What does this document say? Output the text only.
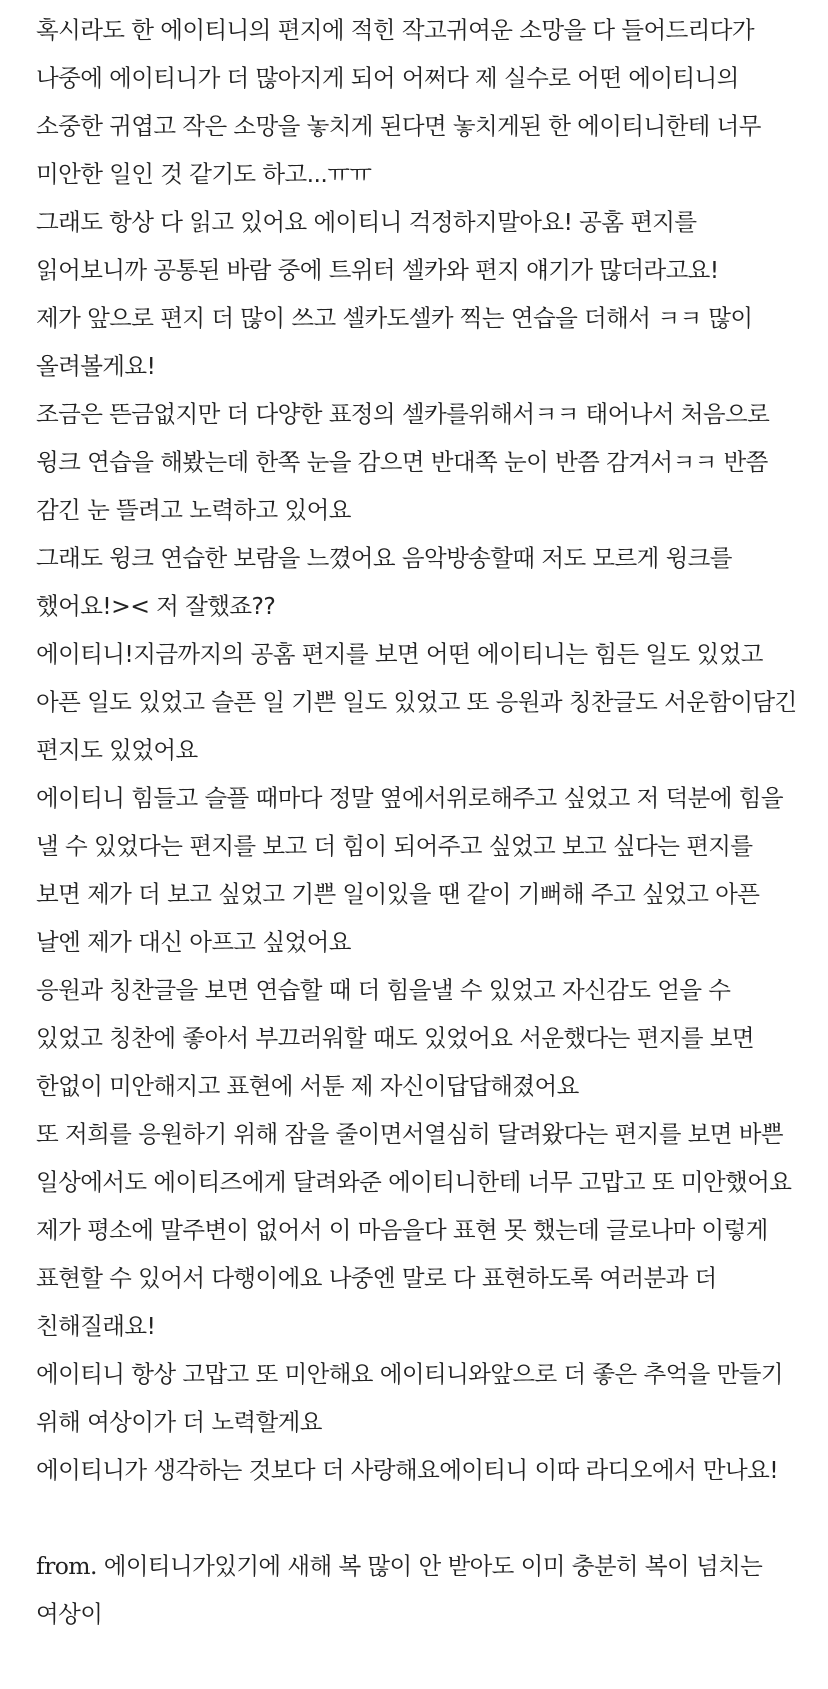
혹시라도 한 에이티니의 편지에 적힌 작고귀여운 소망을 다 들어드리다가 나중에 에이티니가 더 많아지게 되어 어쩌다 제 실수로 어떤 에이티니의 소중한 귀엽고 작은 소망을 놓치게 된다면 놓치게된 한 에이티니한테 너무 미안한 일인 것 같기도 하고...ㅠㅠ

그래도 항상 다 읽고 있어요 에이티니 걱정하지말아요! 공홈 편지를 읽어보니까 공통된 바람 중에 트위터 셀카와 편지 얘기가 많더라고요!

제가 앞으로 편지 더 많이 쓰고 셀카도셀카 찍는 연습을 더해서 ㅋㅋ 많이 올려볼게요!

조금은 뜬금없지만 더 다양한 표정의 셀카를위해서ㅋㅋ 태어나서 처음으로 윙크 연습을 해봤는데 한쪽 눈을 감으면 반대쪽 눈이 반쯤 감겨서ㅋㅋ 반쯤 감긴 눈 뜰려고 노력하고 있어요

그래도 윙크 연습한 보람을 느꼈어요 음악방송할때 저도 모르게 윙크를 했어요!>< 저 잘했죠??

에이티니!지금까지의 공홈 편지를 보면 어떤 에이티니는 힘든 일도 있었고 아픈 일도 있었고 슬픈 일 기쁜 일도 있었고 또 응원과 칭찬글도 서운함이담긴 편지도 있었어요

에이티니 힘들고 슬플 때마다 정말 옆에서위로해주고 싶었고 저 덕분에 힘을 낼 수 있었다는 편지를 보고 더 힘이 되어주고 싶었고 보고 싶다는 편지를 보면 제가 더 보고 싶었고 기쁜 일이있을 땐 같이 기뻐해 주고 싶었고 아픈 날엔 제가 대신 아프고 싶었어요

응원과 칭찬글을 보면 연습할 때 더 힘을낼 수 있었고 자신감도 얻을 수 있었고 칭찬에 좋아서 부끄러워할 때도 있었어요 서운했다는 편지를 보면 한없이 미안해지고 표현에 서툰 제 자신이답답해졌어요

또 저희를 응원하기 위해 잠을 줄이면서열심히 달려왔다는 편지를 보면 바쁜 일상에서도 에이티즈에게 달려와준 에이티니한테 너무 고맙고 또 미안했어요

제가 평소에 말주변이 없어서 이 마음을다 표현 못 했는데 글로나마 이렇게 표현할 수 있어서 다행이에요 나중엔 말로 다 표현하도록 여러분과 더 친해질래요!

에이티니 항상 고맙고 또 미안해요 에이티니와앞으로 더 좋은 추억을 만들기 위해 여상이가 더 노력할게요

에이티니가 생각하는 것보다 더 사랑해요에이티니 이따 라디오에서 만나요!

from. 에이티니가있기에 새해 복 많이 안 받아도 이미 충분히 복이 넘치는 여상이
